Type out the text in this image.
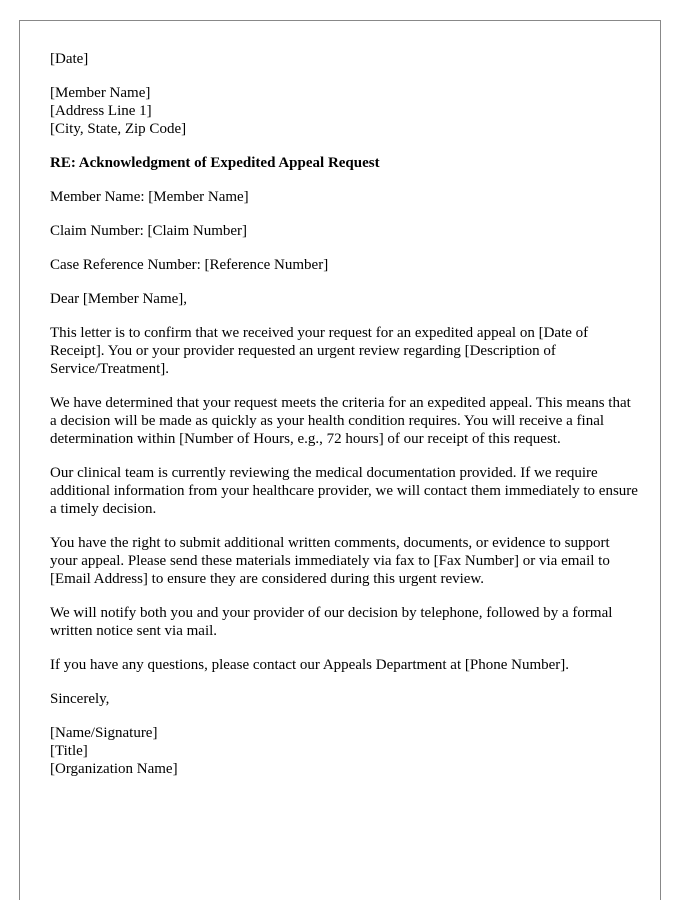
[Date]

[Member Name]
[Address Line 1]
[City, State, Zip Code]

RE: Acknowledgment of Expedited Appeal Request

Member Name: [Member Name]

Claim Number: [Claim Number]

Case Reference Number: [Reference Number]

Dear [Member Name],

This letter is to confirm that we received your request for an expedited appeal on [Date of Receipt]. You or your provider requested an urgent review regarding [Description of Service/Treatment].

We have determined that your request meets the criteria for an expedited appeal. This means that a decision will be made as quickly as your health condition requires. You will receive a final determination within [Number of Hours, e.g., 72 hours] of our receipt of this request.

Our clinical team is currently reviewing the medical documentation provided. If we require additional information from your healthcare provider, we will contact them immediately to ensure a timely decision.

You have the right to submit additional written comments, documents, or evidence to support your appeal. Please send these materials immediately via fax to [Fax Number] or via email to [Email Address] to ensure they are considered during this urgent review.

We will notify both you and your provider of our decision by telephone, followed by a formal written notice sent via mail.

If you have any questions, please contact our Appeals Department at [Phone Number].

Sincerely,

[Name/Signature]
[Title]
[Organization Name]
